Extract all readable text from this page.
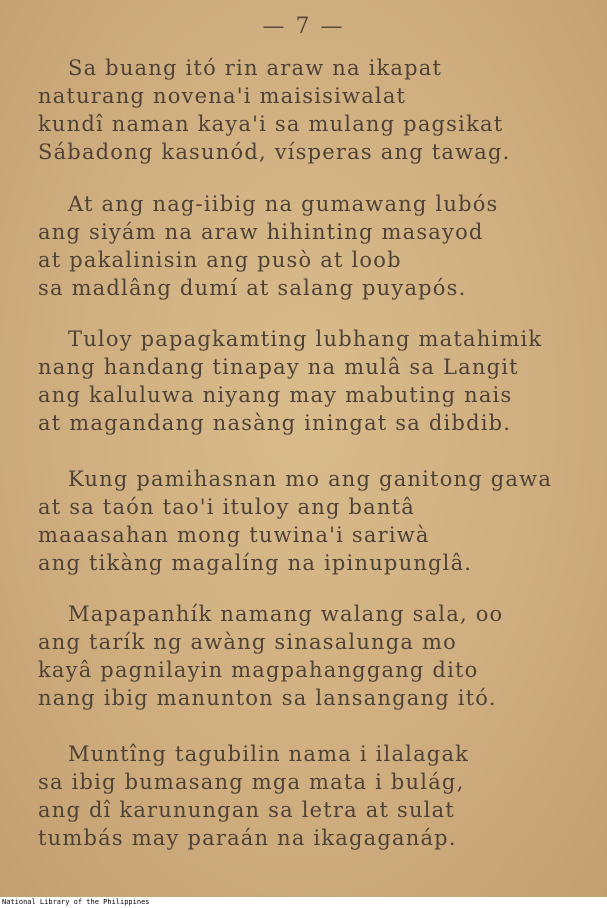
— 7 —
Sa buang itó rin araw na ikapat
naturang novena'i maisisiwalat
kundî naman kaya'i sa mulang pagsikat
Sábadong kasunód, vísperas ang tawag.
At ang nag-iibig na gumawang lubós
ang siyám na araw hihinting masayod
at pakalinisin ang pusò at loob
sa madlâng dumí at salang puyapós.
Tuloy papagkamting lubhang matahimik
nang handang tinapay na mulâ sa Langit
ang kaluluwa niyang may mabuting nais
at magandang nasàng iningat sa dibdib.
Kung pamihasnan mo ang ganitong gawa
at sa taón tao'i ituloy ang bantâ
maaasahan mong tuwina'i sariwà
ang tikàng magalíng na ipinupunglâ.
Mapapanhík namang walang sala, oo
ang tarík ng awàng sinasalunga mo
kayâ pagnilayin magpahanggang dito
nang ibig manunton sa lansangang itó.
Muntîng tagubilin nama i ilalagak
sa ibig bumasang mga mata i bulág,
ang dî karunungan sa letra at sulat
tumbás may paraán na ikagaganáp.
National Library of the Philippines
